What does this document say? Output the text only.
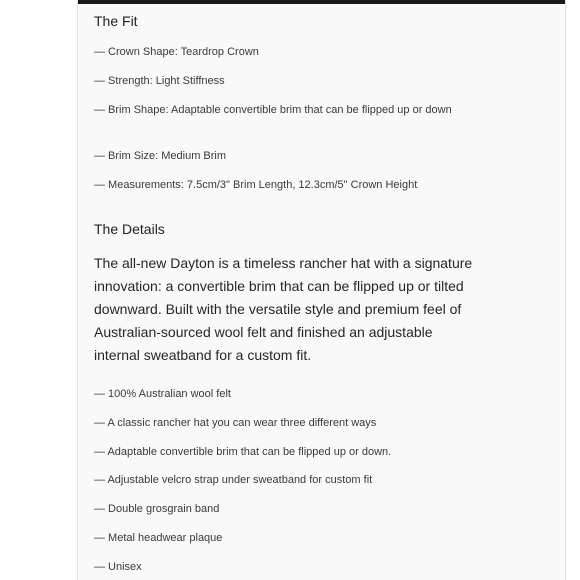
The Fit

— Crown Shape: Teardrop Crown

— Strength: Light Stiffness

— Brim Shape: Adaptable convertible brim that can be flipped up or down

— Brim Size: Medium Brim

— Measurements: 7.5cm/3" Brim Length, 12.3cm/5" Crown Height

The Details

The all-new Dayton is a timeless rancher hat with a signature innovation: a convertible brim that can be flipped up or tilted downward. Built with the versatile style and premium feel of Australian-sourced wool felt and finished an adjustable internal sweatband for a custom fit.

— 100% Australian wool felt

— A classic rancher hat you can wear three different ways

— Adaptable convertible brim that can be flipped up or down.

— Adjustable velcro strap under sweatband for custom fit

— Double grosgrain band

— Metal headwear plaque

— Unisex
